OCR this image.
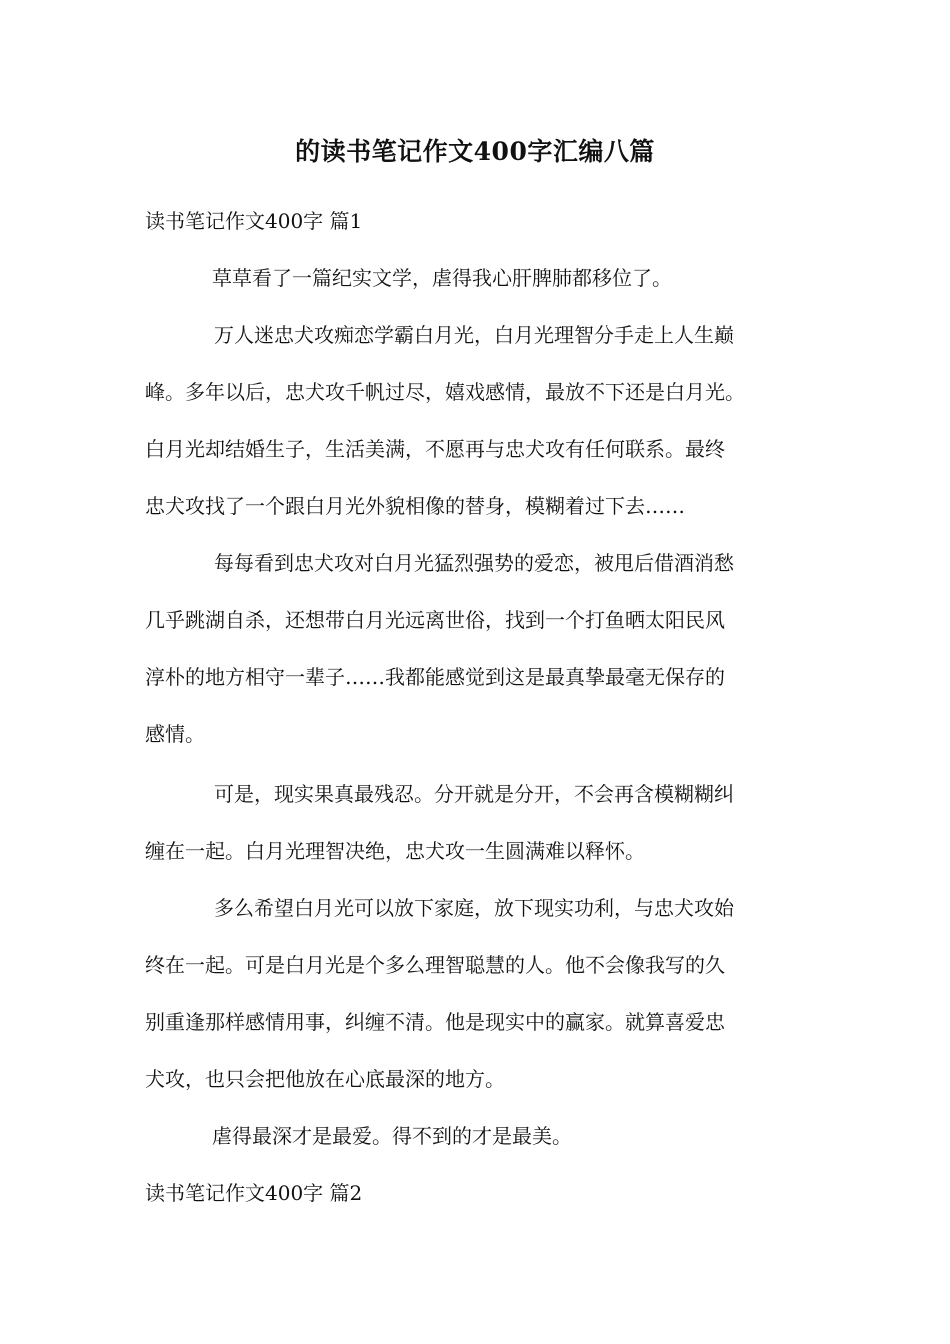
的读书笔记作文400字汇编八篇
读书笔记作文400字 篇1
草草看了一篇纪实文学，虐得我心肝脾肺都移位了。
万人迷忠犬攻痴恋学霸白月光，白月光理智分手走上人生巅
峰。多年以后，忠犬攻千帆过尽，嬉戏感情，最放不下还是白月光。
白月光却结婚生子，生活美满，不愿再与忠犬攻有任何联系。最终
忠犬攻找了一个跟白月光外貌相像的替身，模糊着过下去……
每每看到忠犬攻对白月光猛烈强势的爱恋，被甩后借酒消愁
几乎跳湖自杀，还想带白月光远离世俗，找到一个打鱼晒太阳民风
淳朴的地方相守一辈子……我都能感觉到这是最真挚最毫无保存的
感情。
可是，现实果真最残忍。分开就是分开，不会再含模糊糊纠
缠在一起。白月光理智决绝，忠犬攻一生圆满难以释怀。
多么希望白月光可以放下家庭，放下现实功利，与忠犬攻始
终在一起。可是白月光是个多么理智聪慧的人。他不会像我写的久
别重逢那样感情用事，纠缠不清。他是现实中的赢家。就算喜爱忠
犬攻，也只会把他放在心底最深的地方。
虐得最深才是最爱。得不到的才是最美。
读书笔记作文400字 篇2
